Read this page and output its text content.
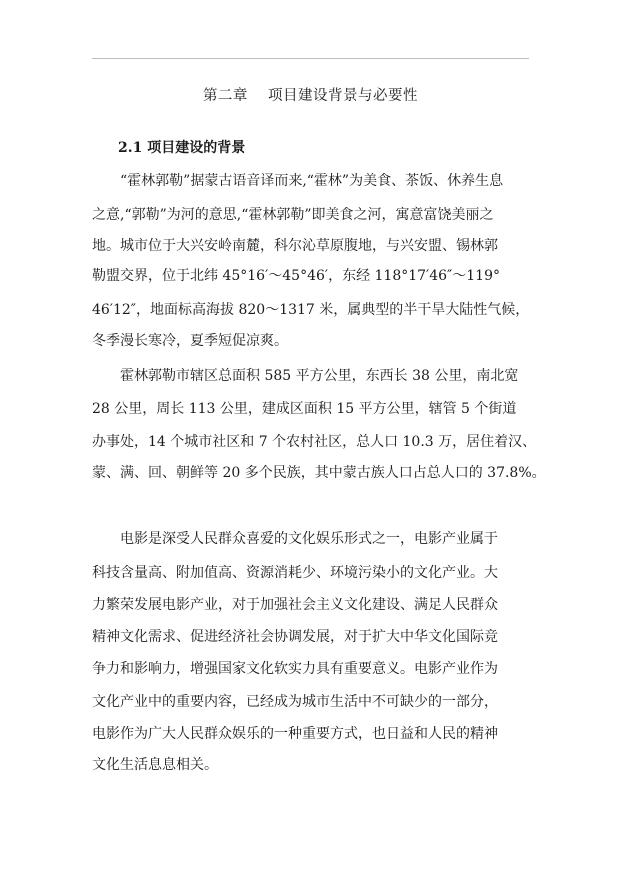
第二章　 项目建设背景与必要性
2.1 项目建设的背景
“霍林郭勒”据蒙古语音译而来,“霍林”为美食、茶饭、休养生息
之意,“郭勒”为河的意思,“霍林郭勒”即美食之河，寓意富饶美丽之
地。城市位于大兴安岭南麓，科尔沁草原腹地，与兴安盟、锡林郭
勒盟交界，位于北纬 45°16′～45°46′，东经 118°17′46″～119°
46′12″，地面标高海拔 820～1317 米，属典型的半干旱大陆性气候，
冬季漫长寒冷，夏季短促凉爽。
霍林郭勒市辖区总面积 585 平方公里，东西长 38 公里，南北宽
28 公里，周长 113 公里，建成区面积 15 平方公里，辖管 5 个街道
办事处，14 个城市社区和 7 个农村社区，总人口 10.3 万，居住着汉、
蒙、满、回、朝鲜等 20 多个民族，其中蒙古族人口占总人口的 37.8%。
电影是深受人民群众喜爱的文化娱乐形式之一，电影产业属于
科技含量高、附加值高、资源消耗少、环境污染小的文化产业。大
力繁荣发展电影产业，对于加强社会主义文化建设、满足人民群众
精神文化需求、促进经济社会协调发展，对于扩大中华文化国际竞
争力和影响力，增强国家文化软实力具有重要意义。电影产业作为
文化产业中的重要内容，已经成为城市生活中不可缺少的一部分，
电影作为广大人民群众娱乐的一种重要方式，也日益和人民的精神
文化生活息息相关。
